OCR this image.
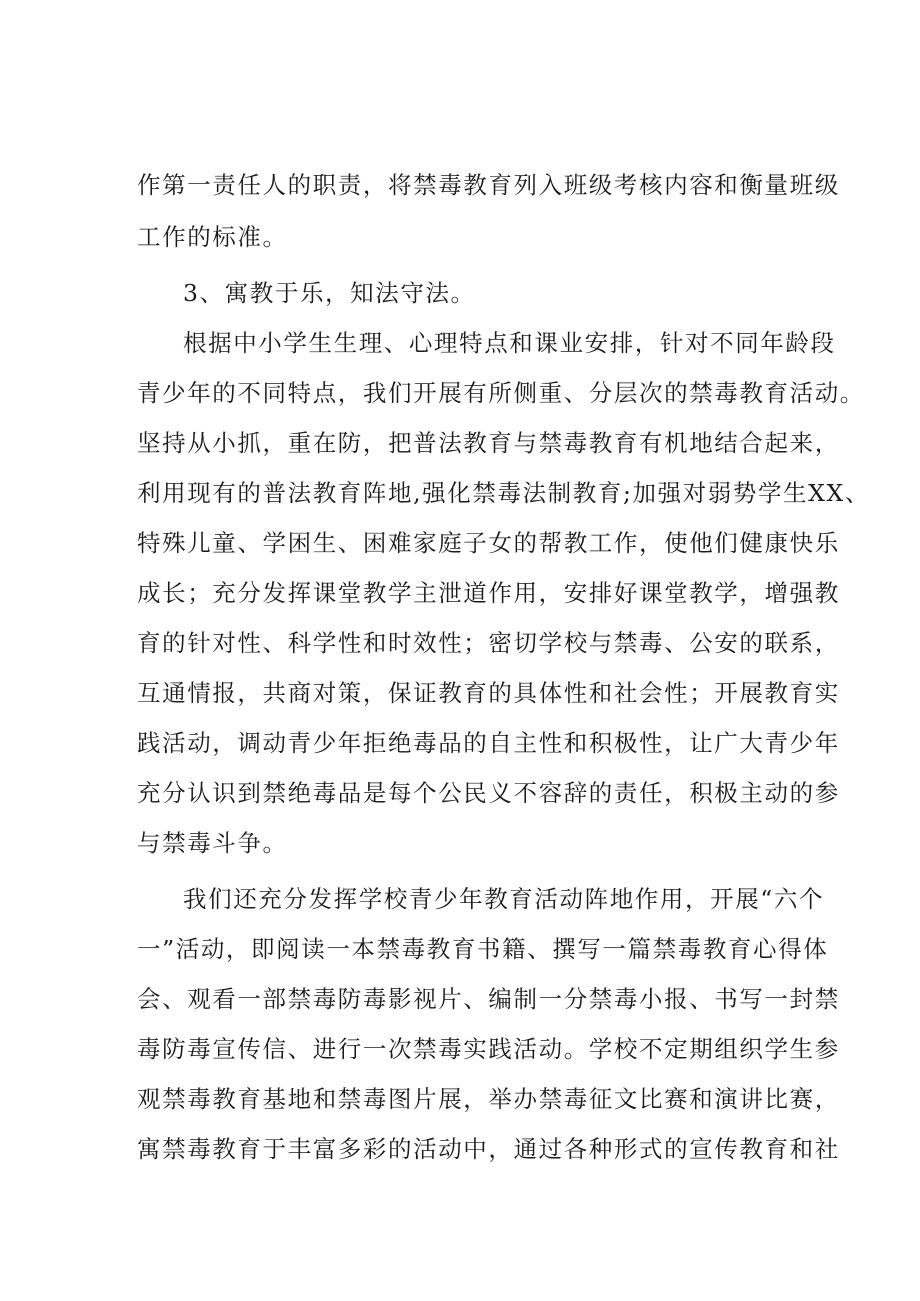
作第一责任人的职责，将禁毒教育列入班级考核内容和衡量班级
工作的标准。
3、寓教于乐，知法守法。
根据中小学生生理、心理特点和课业安排，针对不同年龄段
青少年的不同特点，我们开展有所侧重、分层次的禁毒教育活动。
坚持从小抓，重在防，把普法教育与禁毒教育有机地结合起来，
利用现有的普法教育阵地,强化禁毒法制教育;加强对弱势学生XX、
特殊儿童、学困生、困难家庭子女的帮教工作，使他们健康快乐
成长；充分发挥课堂教学主泄道作用，安排好课堂教学，增强教
育的针对性、科学性和时效性；密切学校与禁毒、公安的联系，
互通情报，共商对策，保证教育的具体性和社会性；开展教育实
践活动，调动青少年拒绝毒品的自主性和积极性，让广大青少年
充分认识到禁绝毒品是每个公民义不容辞的责任，积极主动的参
与禁毒斗争。
我们还充分发挥学校青少年教育活动阵地作用，开展“六个
一”活动，即阅读一本禁毒教育书籍、撰写一篇禁毒教育心得体
会、观看一部禁毒防毒影视片、编制一分禁毒小报、书写一封禁
毒防毒宣传信、进行一次禁毒实践活动。学校不定期组织学生参
观禁毒教育基地和禁毒图片展，举办禁毒征文比赛和演讲比赛，
寓禁毒教育于丰富多彩的活动中，通过各种形式的宣传教育和社
